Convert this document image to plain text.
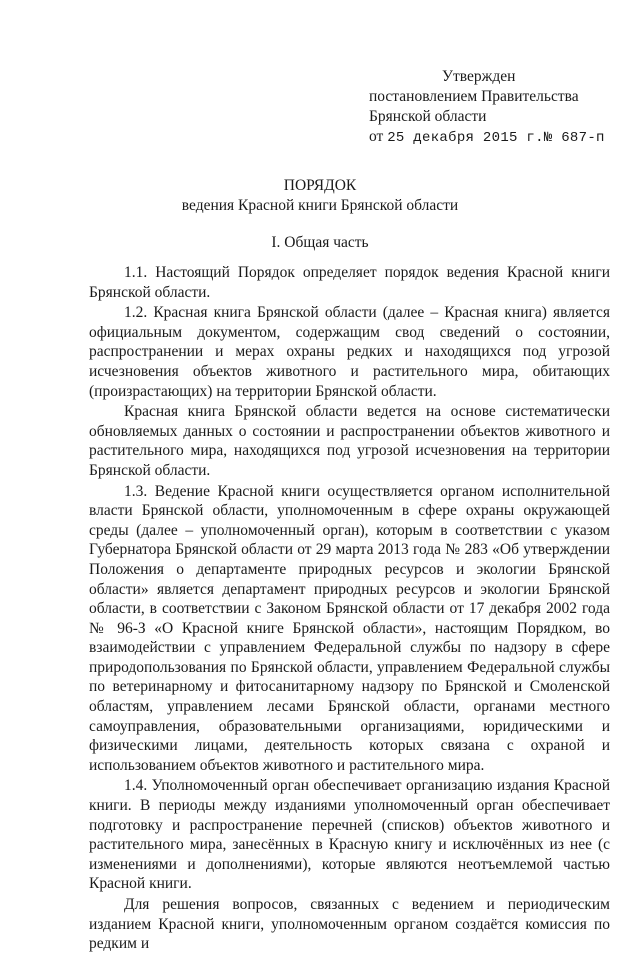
Утвержден
постановлением Правительства
Брянской области
от 25 декабря 2015 г.№ 687-п
ПОРЯДОК
ведения Красной книги Брянской области
I. Общая часть

1.1. Настоящий Порядок определяет порядок ведения Красной книги Брянской области.

1.2. Красная книга Брянской области (далее – Красная книга) является официальным документом, содержащим свод сведений о состоянии, распространении и мерах охраны редких и находящихся под угрозой исчезновения объектов животного и растительного мира, обитающих (произрастающих) на территории Брянской области.

Красная книга Брянской области ведется на основе систематически обновляемых данных о состоянии и распространении объектов животного и растительного мира, находящихся под угрозой исчезновения на территории Брянской области.

1.3. Ведение Красной книги осуществляется органом исполнительной власти Брянской области, уполномоченным в сфере охраны окружающей среды (далее – уполномоченный орган), которым в соответствии с указом Губернатора Брянской области от 29 марта 2013 года № 283 «Об утверждении Положения о департаменте природных ресурсов и экологии Брянской области» является департамент природных ресурсов и экологии Брянской области, в соответствии с Законом Брянской области от 17 декабря 2002 года № 96-З «О Красной книге Брянской области», настоящим Порядком, во взаимодействии с управлением Федеральной службы по надзору в сфере природопользования по Брянской области, управлением Федеральной службы по ветеринарному и фитосанитарному надзору по Брянской и Смоленской областям, управлением лесами Брянской области, органами местного самоуправления, образовательными организациями, юридическими и физическими лицами, деятельность которых связана с охраной и использованием объектов животного и растительного мира.

1.4. Уполномоченный орган обеспечивает организацию издания Красной книги. В периоды между изданиями уполномоченный орган обеспечивает подготовку и распространение перечней (списков) объектов животного и растительного мира, занесённых в Красную книгу и исключённых из нее (с изменениями и дополнениями), которые являются неотъемлемой частью Красной книги.

Для решения вопросов, связанных с ведением и периодическим изданием Красной книги, уполномоченным органом создаётся комиссия по редким и
